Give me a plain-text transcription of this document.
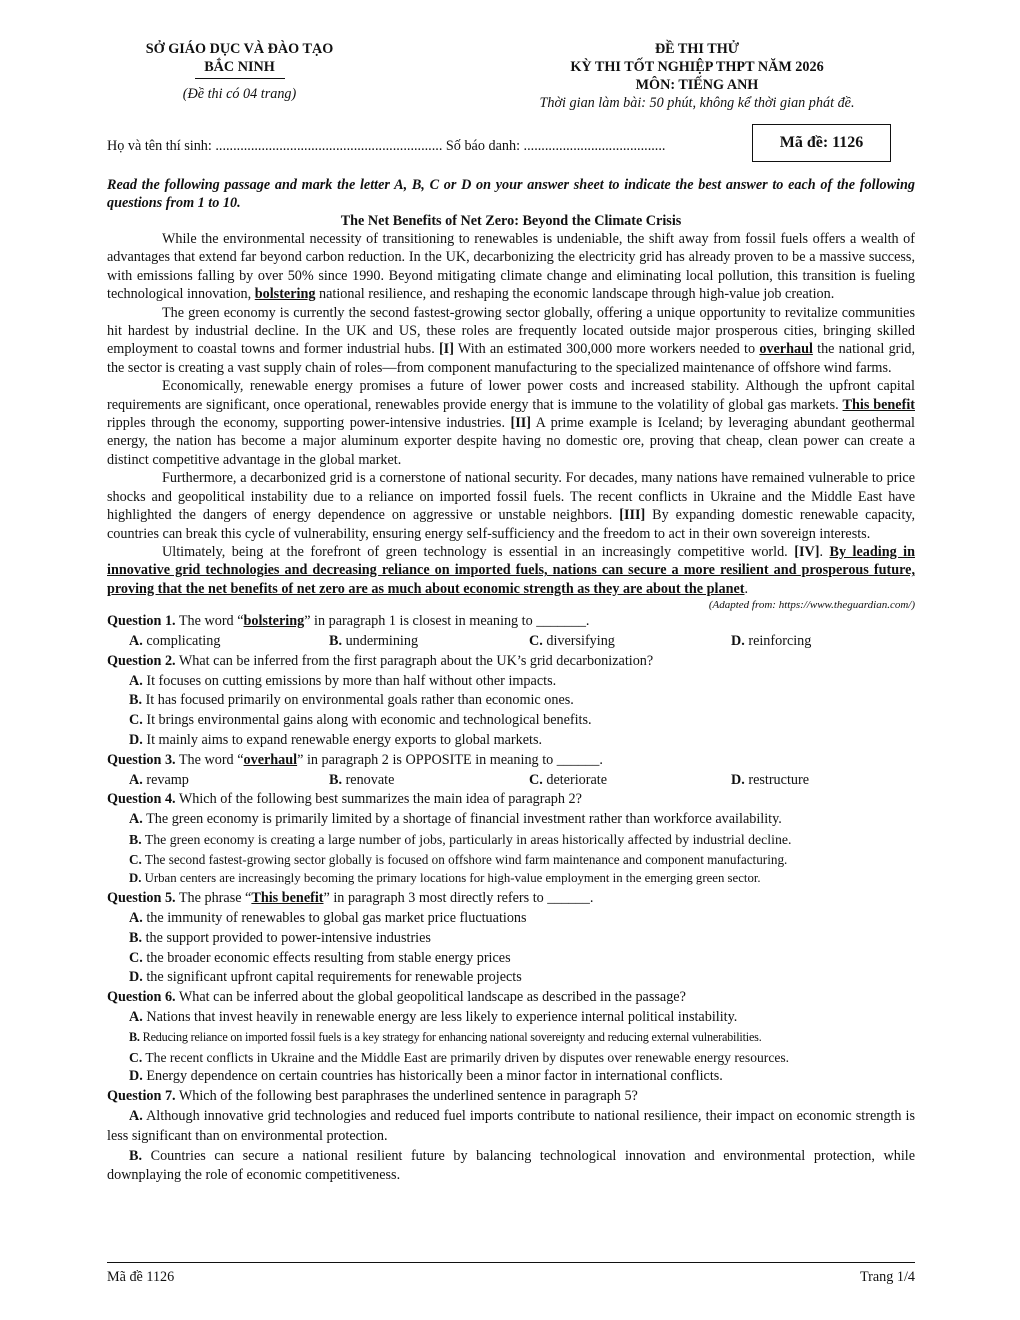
SỞ GIÁO DỤC VÀ ĐÀO TẠO
BẮC NINH
(Đề thi có 04 trang)
ĐỀ THI THỬ
KỲ THI TỐT NGHIỆP THPT NĂM 2026
MÔN: TIẾNG ANH
Thời gian làm bài: 50 phút, không kể thời gian phát đề.
Họ và tên thí sinh: ................................................................ Số báo danh: ........................................	Mã đề: 1126
Read the following passage and mark the letter A, B, C or D on your answer sheet to indicate the best answer to each of the following questions from 1 to 10.
The Net Benefits of Net Zero: Beyond the Climate Crisis

While the environmental necessity of transitioning to renewables is undeniable, the shift away from fossil fuels offers a wealth of advantages that extend far beyond carbon reduction. In the UK, decarbonizing the electricity grid has already proven to be a massive success, with emissions falling by over 50% since 1990. Beyond mitigating climate change and eliminating local pollution, this transition is fueling technological innovation, bolstering national resilience, and reshaping the economic landscape through high-value job creation.

The green economy is currently the second fastest-growing sector globally, offering a unique opportunity to revitalize communities hit hardest by industrial decline. In the UK and US, these roles are frequently located outside major prosperous cities, bringing skilled employment to coastal towns and former industrial hubs. [I] With an estimated 300,000 more workers needed to overhaul the national grid, the sector is creating a vast supply chain of roles—from component manufacturing to the specialized maintenance of offshore wind farms.

Economically, renewable energy promises a future of lower power costs and increased stability. Although the upfront capital requirements are significant, once operational, renewables provide energy that is immune to the volatility of global gas markets. This benefit ripples through the economy, supporting power-intensive industries. [II] A prime example is Iceland; by leveraging abundant geothermal energy, the nation has become a major aluminum exporter despite having no domestic ore, proving that cheap, clean power can create a distinct competitive advantage in the global market.

Furthermore, a decarbonized grid is a cornerstone of national security. For decades, many nations have remained vulnerable to price shocks and geopolitical instability due to a reliance on imported fossil fuels. The recent conflicts in Ukraine and the Middle East have highlighted the dangers of energy dependence on aggressive or unstable neighbors. [III] By expanding domestic renewable capacity, countries can break this cycle of vulnerability, ensuring energy self-sufficiency and the freedom to act in their own sovereign interests.

Ultimately, being at the forefront of green technology is essential in an increasingly competitive world. [IV]. By leading in innovative grid technologies and decreasing reliance on imported fuels, nations can secure a more resilient and prosperous future, proving that the net benefits of net zero are as much about economic strength as they are about the planet.

(Adapted from: https://www.theguardian.com/)
Question 1. The word “bolstering” in paragraph 1 is closest in meaning to _______.
A. complicating	B. undermining	C. diversifying	D. reinforcing
Question 2. What can be inferred from the first paragraph about the UK’s grid decarbonization?
A. It focuses on cutting emissions by more than half without other impacts.
B. It has focused primarily on environmental goals rather than economic ones.
C. It brings environmental gains along with economic and technological benefits.
D. It mainly aims to expand renewable energy exports to global markets.
Question 3. The word “overhaul” in paragraph 2 is OPPOSITE in meaning to ______.
A. revamp	B. renovate	C. deteriorate	D. restructure
Question 4. Which of the following best summarizes the main idea of paragraph 2?
A. The green economy is primarily limited by a shortage of financial investment rather than workforce availability.
B. The green economy is creating a large number of jobs, particularly in areas historically affected by industrial decline.
C. The second fastest-growing sector globally is focused on offshore wind farm maintenance and component manufacturing.
D. Urban centers are increasingly becoming the primary locations for high-value employment in the emerging green sector.
Question 5. The phrase “This benefit” in paragraph 3 most directly refers to ______.
A. the immunity of renewables to global gas market price fluctuations
B. the support provided to power-intensive industries
C. the broader economic effects resulting from stable energy prices
D. the significant upfront capital requirements for renewable projects
Question 6. What can be inferred about the global geopolitical landscape as described in the passage?
A. Nations that invest heavily in renewable energy are less likely to experience internal political instability.
B. Reducing reliance on imported fossil fuels is a key strategy for enhancing national sovereignty and reducing external vulnerabilities.
C. The recent conflicts in Ukraine and the Middle East are primarily driven by disputes over renewable energy resources.
D. Energy dependence on certain countries has historically been a minor factor in international conflicts.
Question 7. Which of the following best paraphrases the underlined sentence in paragraph 5?
A. Although innovative grid technologies and reduced fuel imports contribute to national resilience, their impact on economic strength is less significant than on environmental protection.
B. Countries can secure a national resilient future by balancing technological innovation and environmental protection, while downplaying the role of economic competitiveness.
Mã đề 1126	Trang 1/4
